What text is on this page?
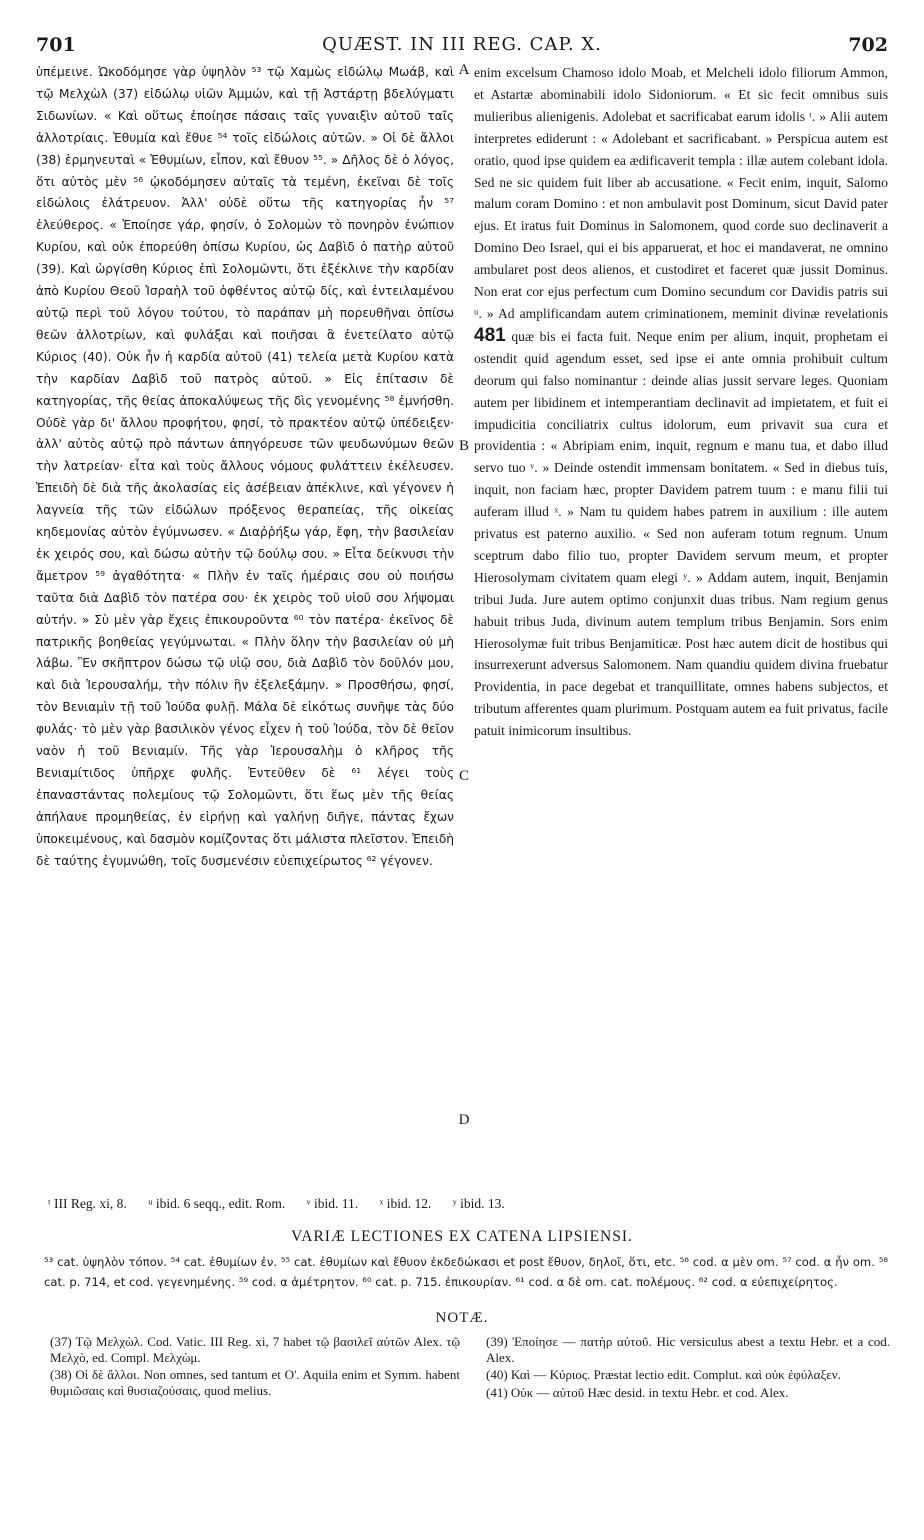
701	QUÆST. IN III REG. CAP. X.	702

ὑπέμεινε. Ὠκοδόμησε γὰρ ὑψηλὸν ⁵³ τῷ Χαμὼς εἰδώλῳ Μωάβ, καὶ τῷ Μελχὼλ (37) εἰδώλῳ υἱῶν Ἀμμών, καὶ τῇ Ἀστάρτῃ βδελύγματι Σιδωνίων. « Καὶ οὕτως ἐποίησε πάσαις ταῖς γυναιξὶν αὐτοῦ ταῖς ἀλλοτρίαις. Ἐθυμία καὶ ἔθυε ⁵⁴ τοῖς εἰδώλοις αὐτῶν. » Οἱ δὲ ἄλλοι (38) ἑρμηνευταὶ « Ἐθυμίων, εἶπον, καὶ ἔθυον ⁵⁵. » Δῆλος δὲ ὁ λόγος, ὅτι αὐτὸς μὲν ⁵⁶ ᾠκοδόμησεν αὐταῖς τὰ τεμένη, ἐκεῖναι δὲ τοῖς εἰδώλοις ἐλάτρευον. Ἀλλ' οὐδὲ οὕτω τῆς κατηγορίας ἦν ⁵⁷ ἐλεύθερος. « Ἐποίησε γάρ, φησίν, ὁ Σολομὼν τὸ πονηρὸν ἐνώπιον Κυρίου, καὶ οὐκ ἐπορεύθη ὀπίσω Κυρίου, ὡς Δαβὶδ ὁ πατὴρ αὐτοῦ (39). Καὶ ὠργίσθη Κύριος ἐπὶ Σολομῶντι, ὅτι ἐξέκλινε τὴν καρδίαν ἀπὸ Κυρίου Θεοῦ Ἰσραὴλ τοῦ ὀφθέντος αὐτῷ δίς, καὶ ἐντειλαμένου αὐτῷ περὶ τοῦ λόγου τούτου, τὸ παράπαν μὴ πορευθῆναι ὀπίσω θεῶν ἀλλοτρίων, καὶ φυλάξαι καὶ ποιῆσαι ἃ ἐνετείλατο αὐτῷ Κύριος (40). Οὐκ ἦν ἡ καρδία αὐτοῦ (41) τελεία μετὰ Κυρίου κατὰ τὴν καρδίαν Δαβὶδ τοῦ πατρὸς αὐτοῦ. » Εἰς ἐπίτασιν δὲ κατηγορίας, τῆς θείας ἀποκαλύψεως τῆς δὶς γενομένης ⁵⁸ ἐμνήσθη. Οὐδὲ γὰρ δι' ἄλλου προφήτου, φησί, τὸ πρακτέον αὐτῷ ὑπέδειξεν· ἀλλ' αὐτὸς αὐτῷ πρὸ πάντων ἀπηγόρευσε τῶν ψευδωνύμων θεῶν τὴν λατρείαν· εἶτα καὶ τοὺς ἄλλους νόμους φυλάττειν ἐκέλευσεν. Ἐπειδὴ δὲ διὰ τῆς ἀκολασίας εἰς ἀσέβειαν ἀπέκλινε, καὶ γέγονεν ἡ λαγνεία τῆς τῶν εἰδώλων πρόξενος θεραπείας, τῆς οἰκείας κηδεμονίας αὐτὸν ἐγύμνωσεν. « Διαῤῥήξω γάρ, ἔφη, τὴν βασιλείαν ἐκ χειρός σου, καὶ δώσω αὐτὴν τῷ δούλῳ σου. » Εἶτα δείκνυσι τὴν ἄμετρον ⁵⁹ ἀγαθότητα· « Πλὴν ἐν ταῖς ἡμέραις σου οὐ ποιήσω ταῦτα διὰ Δαβὶδ τὸν πατέρα σου· ἐκ χειρὸς τοῦ υἱοῦ σου λήψομαι αὐτήν. » Σὺ μὲν γὰρ ἔχεις ἐπικουροῦντα ⁶⁰ τὸν πατέρα· ἐκεῖνος δὲ πατρικῆς βοηθείας γεγύμνωται. « Πλὴν ὅλην τὴν βασιλείαν οὐ μὴ λάβω. Ἓν σκῆπτρον δώσω τῷ υἱῷ σου, διὰ Δαβὶδ τὸν δοῦλόν μου, καὶ διὰ Ἱερουσαλήμ, τὴν πόλιν ἣν ἐξελεξάμην. » Προσθήσω, φησί, τὸν Βενιαμὶν τῇ τοῦ Ἰούδα φυλῇ. Μάλα δὲ εἰκότως συνῆψε τὰς δύο φυλάς· τὸ μὲν γὰρ βασιλικὸν γένος εἶχεν ἡ τοῦ Ἰούδα, τὸν δὲ θεῖον ναὸν ἡ τοῦ Βενιαμίν. Τῆς γὰρ Ἱερουσαλὴμ ὁ κλῆρος τῆς Βενιαμίτιδος ὑπῆρχε φυλῆς. Ἐντεῦθεν δὲ ⁶¹ λέγει τοὺς ἐπαναστάντας πολεμίους τῷ Σολομῶντι, ὅτι ἕως μὲν τῆς θείας ἀπήλαυε προμηθείας, ἐν εἰρήνῃ καὶ γαλήνῃ διῆγε, πάντας ἔχων ὑποκειμένους, καὶ δασμὸν κομίζοντας ὅτι μάλιστα πλεῖστον. Ἐπειδὴ δὲ ταύτης ἐγυμνώθη, τοῖς δυσμενέσιν εὐεπιχείρωτος ⁶² γέγονεν.

A
B
C
D

enim excelsum Chamoso idolo Moab, et Melcheli idolo filiorum Ammon, et Astartæ abominabili idolo Sidoniorum. « Et sic fecit omnibus suis mulieribus alienigenis. Adolebat et sacrificabat earum idolis ᵗ. » Alii autem interpretes ediderunt : « Adolebant et sacrificabant. » Perspicua autem est oratio, quod ipse quidem ea ædificaverit templa : illæ autem colebant idola. Sed ne sic quidem fuit liber ab accusatione. « Fecit enim, inquit, Salomo malum coram Domino : et non ambulavit post Dominum, sicut David pater ejus. Et iratus fuit Dominus in Salomonem, quod corde suo declinaverit a Domino Deo Israel, qui ei bis apparuerat, et hoc ei mandaverat, ne omnino ambularet post deos alienos, et custodiret et faceret quæ jussit Dominus. Non erat cor ejus perfectum cum Domino secundum cor Davidis patris sui ᵘ. » Ad amplificandam autem criminationem, meminit divinæ revelationis 481 quæ bis ei facta fuit. Neque enim per alium, inquit, prophetam ei ostendit quid agendum esset, sed ipse ei ante omnia prohibuit cultum deorum qui falso nominantur : deinde alias jussit servare leges. Quoniam autem per libidinem et intemperantiam declinavit ad impietatem, et fuit ei impudicitia conciliatrix cultus idolorum, eum privavit sua cura et providentia : « Abripiam enim, inquit, regnum e manu tua, et dabo illud servo tuo ᵛ. » Deinde ostendit immensam bonitatem. « Sed in diebus tuis, inquit, non faciam hæc, propter Davidem patrem tuum : e manu filii tui auferam illud ˣ. » Nam tu quidem habes patrem in auxilium : ille autem privatus est paterno auxilio. « Sed non auferam totum regnum. Unum sceptrum dabo filio tuo, propter Davidem servum meum, et propter Hierosolymam civitatem quam elegi ʸ. » Addam autem, inquit, Benjamin tribui Juda. Jure autem optimo conjunxit duas tribus. Nam regium genus habuit tribus Juda, divinum autem templum tribus Benjamin. Sors enim Hierosolymæ fuit tribus Benjamiticæ. Post hæc autem dicit de hostibus qui insurrexerunt adversus Salomonem. Nam quandiu quidem divina fruebatur Providentia, in pace degebat et tranquillitate, omnes habens subjectos, et tributum afferentes quam plurimum. Postquam autem ea fuit privatus, facile patuit inimicorum insultibus.

ᵗ III Reg. xi, 8. ᵘ ibid. 6 seqq., edit. Rom. ᵛ ibid. 11. ˣ ibid. 12. ʸ ibid. 13.
VARIÆ LECTIONES EX CATENA LIPSIENSI.
⁵³ cat. ὑψηλὸν τόπον. ⁵⁴ cat. ἐθυμίων ἐν. ⁵⁵ cat. ἐθυμίων καὶ ἔθυον ἐκδεδώκασι et post ἔθυον, δηλοῖ, ὅτι, etc. ⁵⁶ cod. α μὲν om. ⁵⁷ cod. α ἦν om. ⁵⁸ cat. p. 714, et cod. γεγενημένης. ⁵⁹ cod. α ἀμέτρητον. ⁶⁰ cat. p. 715. ἐπικουρίαν. ⁶¹ cod. α δὲ om. cat. πολέμους. ⁶² cod. α εὐεπιχείρητος.
NOTÆ.

(37) Τῷ Μελχὼλ. Cod. Vatic. III Reg. xi, 7 habet τῷ βασιλεῖ αὐτῶν Alex. τῷ Μελχὸ, ed. Compl. Μελχὼμ.

(38) Οἱ δὲ ἄλλοι. Non omnes, sed tantum et O'. Aquila enim et Symm. habent θυμιῶσαις καὶ θυσιαζούσαις, quod melius.

(39) Ἐποίησε — πατὴρ αὐτοῦ. Hic versiculus abest a textu Hebr. et a cod. Alex.

(40) Καὶ — Κύριος. Præstat lectio edit. Complut. καὶ οὐκ ἐφύλαξεν.

(41) Οὐκ — αὐτοῦ Hæc desid. in textu Hebr. et cod. Alex.
